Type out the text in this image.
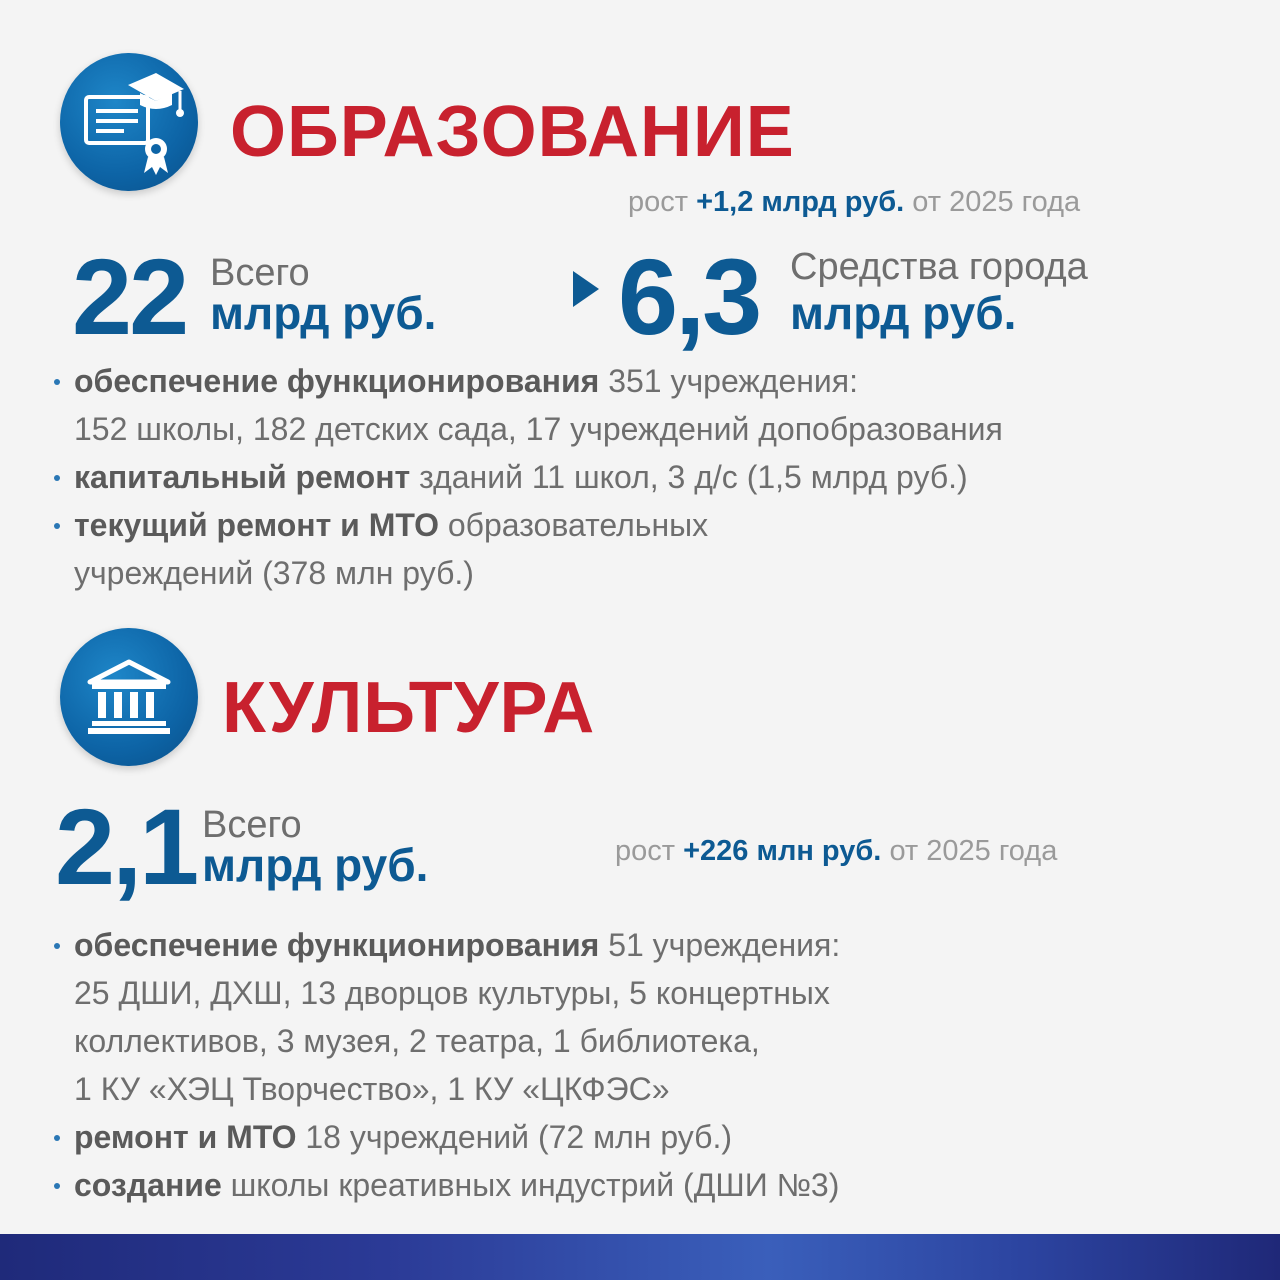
ОБРАЗОВАНИЕ
рост +1,2 млрд руб. от 2025 года
22 Всего
млрд руб. 6,3 Средства города
млрд руб.
обеспечение функционирования 351 учреждения:
152 школы, 182 детских сада, 17 учреждений допобразования
капитальный ремонт зданий 11 школ, 3 д/с (1,5 млрд руб.)
текущий ремонт и МТО образовательных
учреждений (378 млн руб.)
КУЛЬТУРА
2,1 Всего
млрд руб.	рост +226 млн руб. от 2025 года
обеспечение функционирования 51 учреждения:
25 ДШИ, ДХШ, 13 дворцов культуры, 5 концертных
коллективов, 3 музея, 2 театра, 1 библиотека,
1 КУ «ХЭЦ Творчество», 1 КУ «ЦКФЭС»
ремонт и МТО 18 учреждений (72 млн руб.)
создание школы креативных индустрий (ДШИ №3)
